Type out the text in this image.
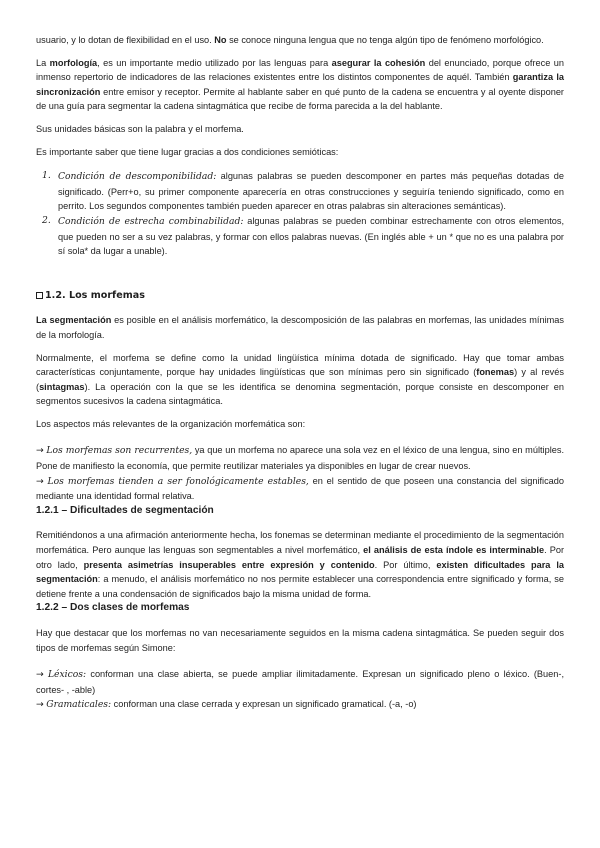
usuario, y lo dotan de flexibilidad en el uso. No se conoce ninguna lengua que no tenga algún tipo de fenómeno morfológico.

La morfología, es un importante medio utilizado por las lenguas para asegurar la cohesión del enunciado, porque ofrece un inmenso repertorio de indicadores de las relaciones existentes entre los distintos componentes de aquél. También garantiza la sincronización entre emisor y receptor. Permite al hablante saber en qué punto de la cadena se encuentra y al oyente disponer de una guía para segmentar la cadena sintagmática que recibe de forma parecida a la del hablante.

Sus unidades básicas son la palabra y el morfema.

Es importante saber que tiene lugar gracias a dos condiciones semióticas:

1. Condición de descomponibilidad: algunas palabras se pueden descomponer en partes más pequeñas dotadas de significado. (Perr+o, su primer componente aparecería en otras construcciones y seguiría teniendo significado, como en perrito. Los segundos componentes también pueden aparecer en otras palabras sin alteraciones semánticas).
2. Condición de estrecha combinabilidad: algunas palabras se pueden combinar estrechamente con otros elementos, que pueden no ser a su vez palabras, y formar con ellos palabras nuevas. (En inglés able + un * que no es una palabra por sí sola* da lugar a unable).
1.2. Los morfemas

La segmentación es posible en el análisis morfemático, la descomposición de las palabras en morfemas, las unidades mínimas de la morfología.

Normalmente, el morfema se define como la unidad lingüística mínima dotada de significado. Hay que tomar ambas características conjuntamente, porque hay unidades lingüísticas que son mínimas pero sin significado (fonemas) y al revés (sintagmas). La operación con la que se les identifica se denomina segmentación, porque consiste en descomponer en segmentos sucesivos la cadena sintagmática.

Los aspectos más relevantes de la organización morfemática son:

→ Los morfemas son recurrentes, ya que un morfema no aparece una sola vez en el léxico de una lengua, sino en múltiples. Pone de manifiesto la economía, que permite reutilizar materiales ya disponibles en lugar de crear nuevos.

→ Los morfemas tienden a ser fonológicamente estables, en el sentido de que poseen una constancia del significado mediante una identidad formal relativa.

1.2.1 – Dificultades de segmentación

Remitiéndonos a una afirmación anteriormente hecha, los fonemas se determinan mediante el procedimiento de la segmentación morfemática. Pero aunque las lenguas son segmentables a nivel morfemático, el análisis de esta índole es interminable. Por otro lado, presenta asimetrías insuperables entre expresión y contenido. Por último, existen dificultades para la segmentación: a menudo, el análisis morfemático no nos permite establecer una correspondencia entre significado y forma, se detiene frente a una condensación de significados bajo la misma unidad de forma.

1.2.2 – Dos clases de morfemas

Hay que destacar que los morfemas no van necesariamente seguidos en la misma cadena sintagmática. Se pueden seguir dos tipos de morfemas según Simone:

→ Léxicos: conforman una clase abierta, se puede ampliar ilimitadamente. Expresan un significado pleno o léxico. (Buen-, cortes- , -able)

→ Gramaticales: conforman una clase cerrada y expresan un significado gramatical. (-a, -o)
